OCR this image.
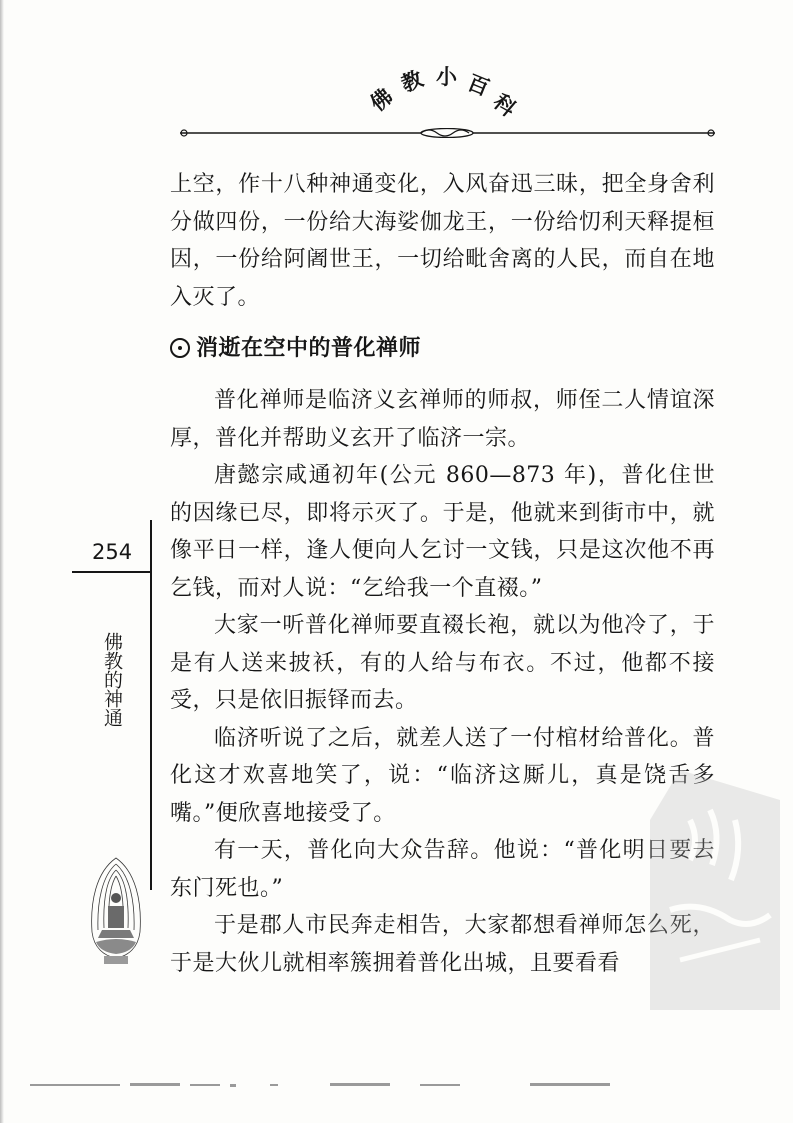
佛
教 小 百
科

上空，作十八种神通变化，入风奋迅三昧，把全身舍利分做四份，一份给大海娑伽龙王，一份给忉利天释提桓因，一份给阿阇世王，一切给毗舍离的人民，而自在地入灭了。

消逝在空中的普化禅师

普化禅师是临济义玄禅师的师叔，师侄二人情谊深厚，普化并帮助义玄开了临济一宗。

唐懿宗咸通初年(公元 860—873 年)，普化住世的因缘已尽，即将示灭了。于是，他就来到街市中，就像平日一样，逢人便向人乞讨一文钱，只是这次他不再乞钱，而对人说：“乞给我一个直裰。”

大家一听普化禅师要直裰长袍，就以为他冷了，于是有人送来披袄，有的人给与布衣。不过，他都不接受，只是依旧振铎而去。

临济听说了之后，就差人送了一付棺材给普化。普化这才欢喜地笑了，说：“临济这厮儿，真是饶舌多嘴。”便欣喜地接受了。

有一天，普化向大众告辞。他说：“普化明日要去东门死也。”

于是郡人市民奔走相告，大家都想看禅师怎么死，于是大伙儿就相率簇拥着普化出城，且要看看

254
佛教的神通
